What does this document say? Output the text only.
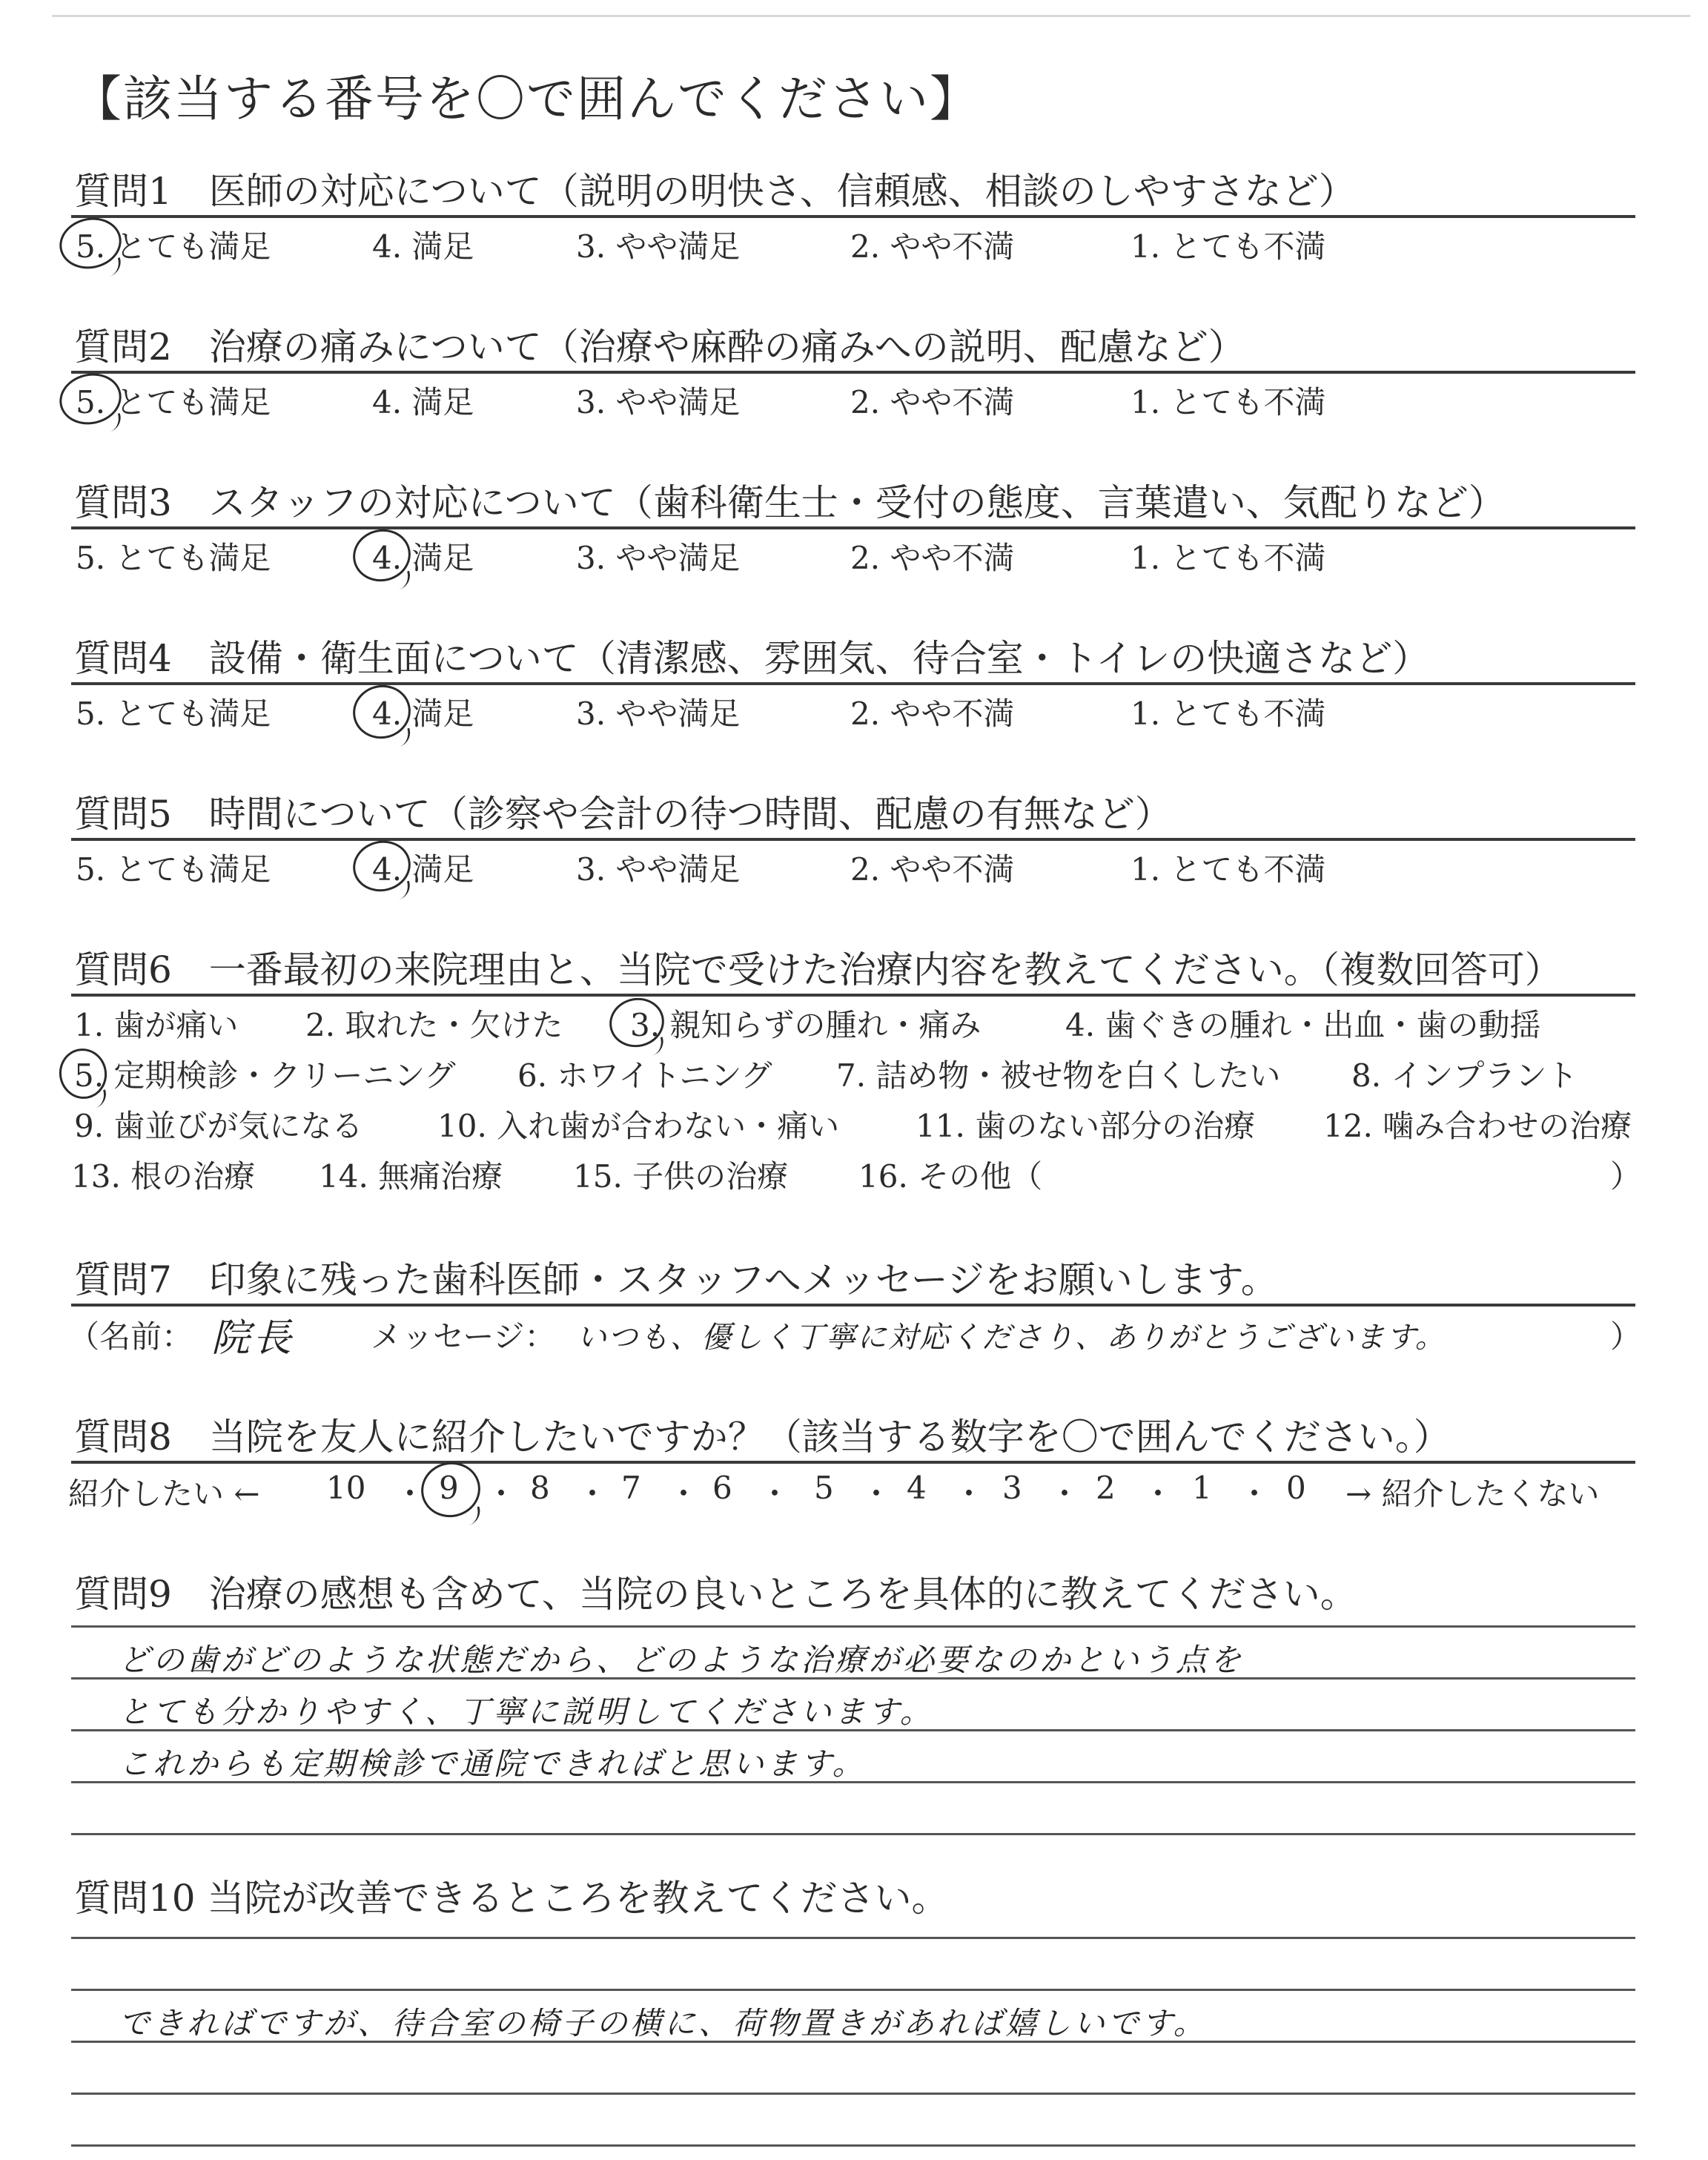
【該当する番号を〇で囲んでください】
質問1　医師の対応について（説明の明快さ、信頼感、相談のしやすさなど）
5. とても満足	4. 満足	3. やや満足	2. やや不満	1. とても不満
質問2　治療の痛みについて（治療や麻酔の痛みへの説明、配慮など）
5. とても満足	4. 満足	3. やや満足	2. やや不満	1. とても不満
質問3　スタッフの対応について（歯科衛生士・受付の態度、言葉遣い、気配りなど）
5. とても満足	4. 満足	3. やや満足	2. やや不満	1. とても不満
質問4　設備・衛生面について（清潔感、雰囲気、待合室・トイレの快適さなど）
5. とても満足	4. 満足	3. やや満足	2. やや不満	1. とても不満
質問5　時間について（診察や会計の待つ時間、配慮の有無など）
5. とても満足	4. 満足	3. やや満足	2. やや不満	1. とても不満
質問6　一番最初の来院理由と、当院で受けた治療内容を教えてください。（複数回答可）
1. 歯が痛い 2. 取れた・欠けた 3. 親知らずの腫れ・痛み	4. 歯ぐきの腫れ・出血・歯の動揺
5. 定期検診・クリーニング 6. ホワイトニング 7. 詰め物・被せ物を白くしたい 8. インプラント
9. 歯並びが気になる 10. 入れ歯が合わない・痛い 11. 歯のない部分の治療 12. 噛み合わせの治療
13. 根の治療 14. 無痛治療 15. 子供の治療 16. その他（	）
質問7　印象に残った歯科医師・スタッフへメッセージをお願いします。
（名前： 院長 メッセージ： いつも、優しく丁寧に対応くださり、ありがとうございます。	）
質問8　当院を友人に紹介したいですか？（該当する数字を〇で囲んでください。）
紹介したい ← 10 ・ 9 ・ 8 ・ 7 ・ 6 ・ 5 ・ 4 ・ 3 ・ 2 ・ 1 ・ 0 → 紹介したくない
質問9　治療の感想も含めて、当院の良いところを具体的に教えてください。
どの歯がどのような状態だから、どのような治療が必要なのかという点を
とても分かりやすく、丁寧に説明してくださいます。
これからも定期検診で通院できればと思います。
質問10 当院が改善できるところを教えてください。
できればですが、待合室の椅子の横に、荷物置きがあれば嬉しいです。
